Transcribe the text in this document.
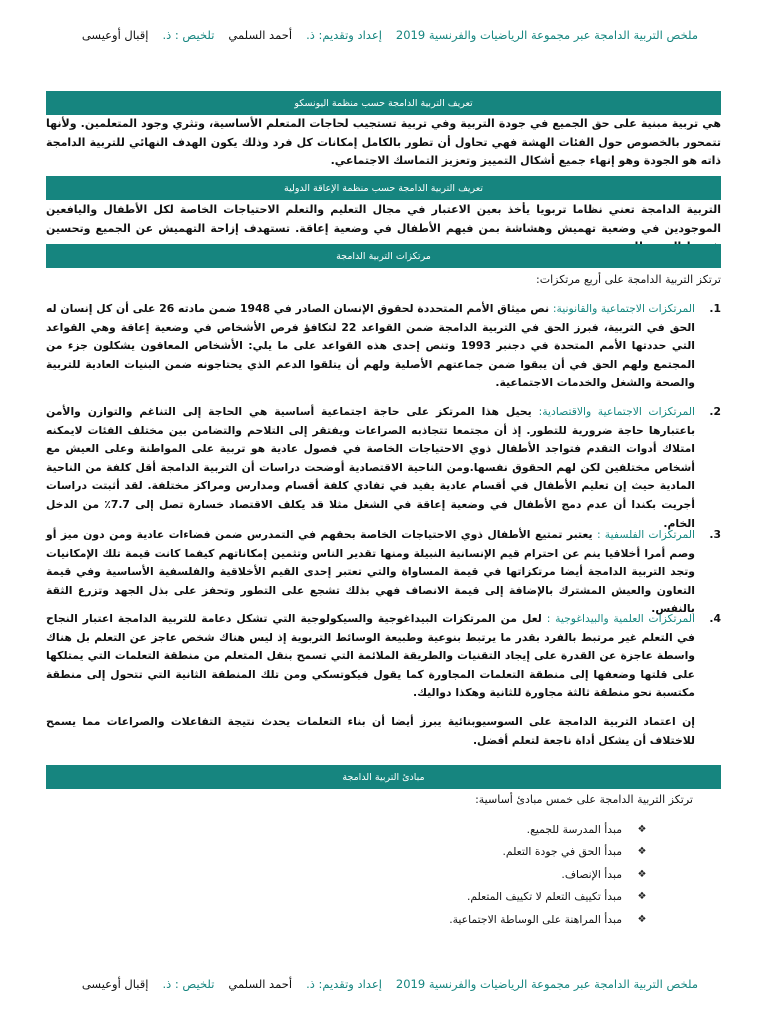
ملخص التربية الدامجة عبر مجموعة الرياضيات والفرنسية 2019
إعداد وتقديم: ذ.
أحمد السلمي
تلخيص : ذ.
إقبال أوعيسى
تعريف التربية الدامجة حسب منظمة اليونسكو
هي تربية مبنية على حق الجميع في جودة التربية وفي تربية تستجيب لحاجات المتعلم الأساسية، وتثري وجود المتعلمين. ولأنها تتمحور بالخصوص حول الفئات الهشة فهي تحاول أن تطور بالكامل إمكانات كل فرد وذلك يكون الهدف النهائي للتربية الدامجة ذاته هو الجودة وهو إنهاء جميع أشكال التمييز وتعزيز التماسك الاجتماعي.
تعريف التربية الدامجة حسب منظمة الإعاقة الدولية
التربية الدامجة تعني نظاما تربويا يأخذ بعين الاعتبار في مجال التعليم والتعلم الاحتياجات الخاصة لكل الأطفال واليافعين الموجودين في وضعية تهميش وهشاشة بمن فيهم الأطفال في وضعية إعاقة. تستهدف إزاحة التهميش عن الجميع وتحسين
مرتكزات التربية الدامجة
ترتكز التربية الدامجة على أربع مرتكزات:
1.
المرتكزات الاجتماعية والقانونية: نص ميثاق الأمم المتحددة لحقوق الإنسان الصادر في 1948 ضمن مادته 26 على أن كل إنسان له الحق في التربية، فبرز الحق في التربية الدامجة ضمن القواعد 22 لتكافؤ فرص الأشخاص في وضعية إعاقة وهي القواعد التي حددتها الأمم المتحدة في دجنبر 1993 وتنص إحدى هذه القواعد على ما يلي: الأشخاص المعاقون يشكلون جزء من المجتمع ولهم الحق في أن يبقوا ضمن جماعتهم الأصلية ولهم أن يتلقوا الدعم الذي يحتاجونه ضمن البنيات العادية للتربية والصحة والشغل والخدمات الاجتماعية.
2.
المرتكزات الاجتماعية والاقتصادية: يحيل هذا المرتكز على حاجة اجتماعية أساسية هي الحاجة إلى التناغم والتوازن والأمن باعتبارها حاجة ضرورية للتطور. إذ أن مجتمعا تتجاذبه الصراعات ويفتقر إلى التلاحم والتضامن بين مختلف الفئات لايمكنه امتلاك أدوات التقدم فتواجد الأطفال ذوي الاحتياجات الخاصة في فصول عادية هو تربية على المواطنة وعلى العيش مع أشخاص مختلفين لكن لهم الحقوق نفسها.ومن الناحية الاقتصادية أوضحت دراسات أن التربية الدامجة أقل كلفة من الناحية المادية حيث إن تعليم الأطفال في أقسام عادية يفيد في تفادي كلفة أقسام ومدارس ومراكز مختلفة. لقد أثبتت دراسات أجريت بكندا أن عدم دمج الأطفال في وضعية إعاقة في الشغل مثلا قد يكلف الاقتصاد خسارة تصل إلى 7.7٪ من الدخل الخام.
3.
المرتكزات الفلسفية : يعتبر تمتيع الأطفال ذوي الاحتياجات الخاصة بحقهم في التمدرس ضمن فضاءات عادية ومن دون ميز أو وصم أمرا أخلاقيا ينم عن احترام قيم الإنسانية النبيلة ومنها تقدير الناس وتثمين إمكاناتهم كيفما كانت قيمة تلك الإمكانيات وتجد التربية الدامجة أيضا مرتكزاتها في قيمة المساواة والتي تعتبر إحدى القيم الأخلاقية والفلسفية الأساسية وفي قيمة التعاون والعيش المشترك بالإضافة إلى قيمة الانصاف فهي بذلك تشجع على التطور وتحفز على بذل الجهد وتزرع الثقة بالنفس.
4.
المرتكزات العلمية والبيداغوجية : لعل من المرتكزات البيداغوجية والسيكولوجية التي تشكل دعامة للتربية الدامجة اعتبار النجاح في التعلم غير مرتبط بالفرد بقدر ما يرتبط بنوعية وطبيعة الوسائط التربوية إذ ليس هناك شخص عاجز عن التعلم بل هناك واسطة عاجزة عن القدرة على إيجاد التقنيات والطريقة الملائمة التي تسمح بنقل المتعلم من منطقة التعلمات التي يمتلكها على قلتها وضعفها إلى منطقة التعلمات المجاورة كما يقول فيكوتسكي ومن تلك المنطقة الثانية التي تتحول إلى منطقة مكتسبة نحو منطقة ثالثة مجاورة للثانية وهكذا دواليك.
إن اعتماد التربية الدامجة على السوسيوبنائية يبرز أيضا أن بناء التعلمات يحدث نتيجة التفاعلات والصراعات مما يسمح للاختلاف أن يشكل أداة ناجعة لتعلم أفضل.
مبادئ التربية الدامجة
ترتكز التربية الدامجة على خمس مبادئ أساسية:
❖
مبدأ المدرسة للجميع.
❖
مبدأ الحق في جودة التعلم.
❖
مبدأ الإنصاف.
❖
مبدأ تكييف التعلم لا تكييف المتعلم.
❖
مبدأ المراهنة على الوساطة الاجتماعية.
ملخص التربية الدامجة عبر مجموعة الرياضيات والفرنسية 2019
إعداد وتقديم: ذ.
أحمد السلمي
تلخيص : ذ.
إقبال أوعيسى
